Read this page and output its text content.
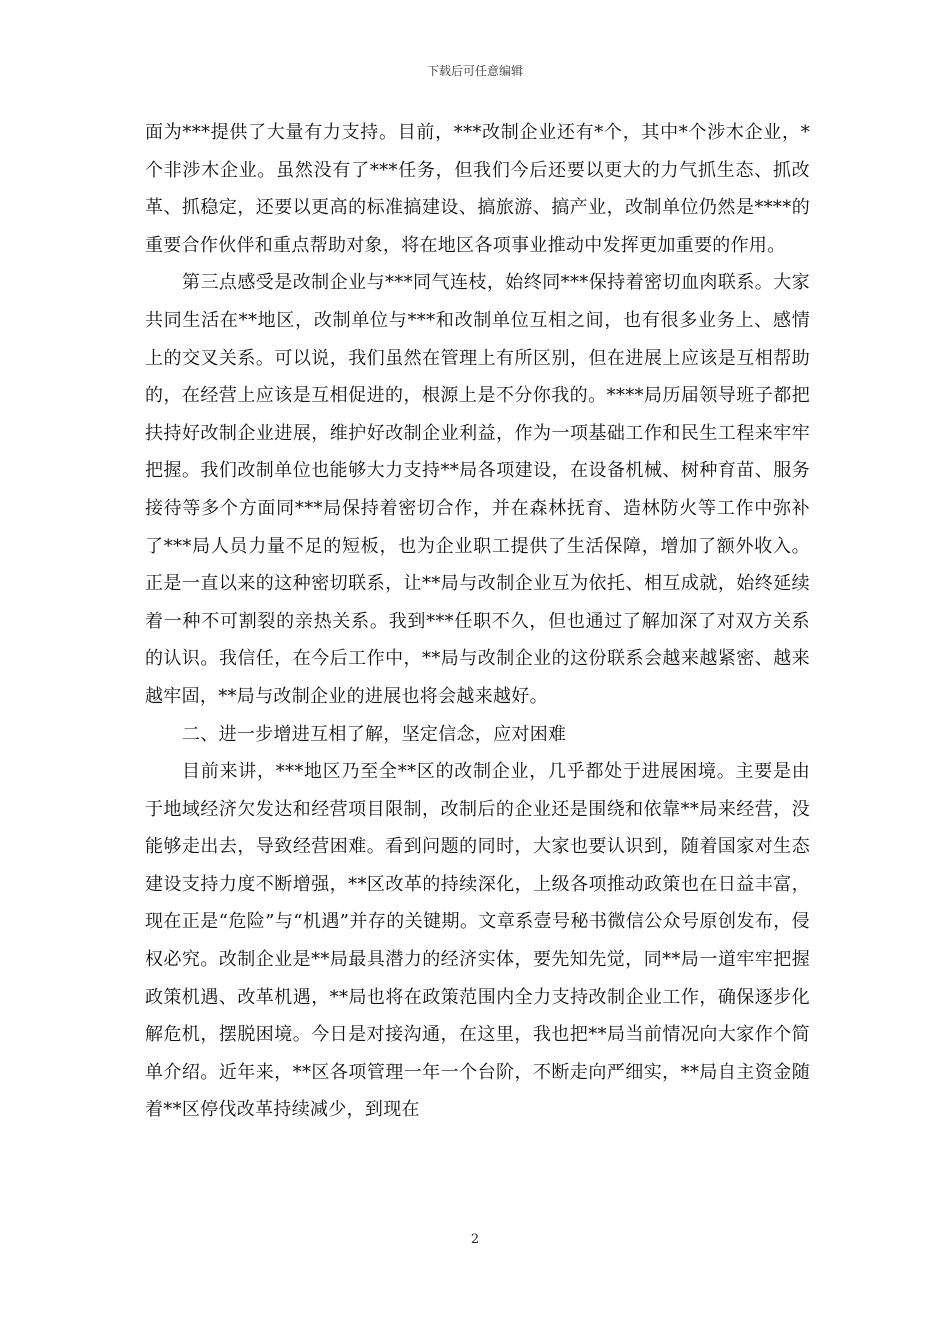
下载后可任意编辑

面为***提供了大量有力支持。目前，***改制企业还有*个，其中*个涉木企业，*个非涉木企业。虽然没有了***任务，但我们今后还要以更大的力气抓生态、抓改革、抓稳定，还要以更高的标准搞建设、搞旅游、搞产业，改制单位仍然是****的重要合作伙伴和重点帮助对象，将在地区各项事业推动中发挥更加重要的作用。

第三点感受是改制企业与***同气连枝，始终同***保持着密切血肉联系。大家共同生活在**地区，改制单位与***和改制单位互相之间，也有很多业务上、感情上的交叉关系。可以说，我们虽然在管理上有所区别，但在进展上应该是互相帮助的，在经营上应该是互相促进的，根源上是不分你我的。****局历届领导班子都把扶持好改制企业进展，维护好改制企业利益，作为一项基础工作和民生工程来牢牢把握。我们改制单位也能够大力支持**局各项建设，在设备机械、树种育苗、服务接待等多个方面同***局保持着密切合作，并在森林抚育、造林防火等工作中弥补了***局人员力量不足的短板，也为企业职工提供了生活保障，增加了额外收入。正是一直以来的这种密切联系，让**局与改制企业互为依托、相互成就，始终延续着一种不可割裂的亲热关系。我到***任职不久，但也通过了解加深了对双方关系的认识。我信任，在今后工作中，**局与改制企业的这份联系会越来越紧密、越来越牢固，**局与改制企业的进展也将会越来越好。

二、进一步增进互相了解，坚定信念，应对困难

目前来讲，***地区乃至全**区的改制企业，几乎都处于进展困境。主要是由于地域经济欠发达和经营项目限制，改制后的企业还是围绕和依靠**局来经营，没能够走出去，导致经营困难。看到问题的同时，大家也要认识到，随着国家对生态建设支持力度不断增强，**区改革的持续深化，上级各项推动政策也在日益丰富，现在正是“危险”与“机遇”并存的关键期。文章系壹号秘书微信公众号原创发布，侵权必究。改制企业是**局最具潜力的经济实体，要先知先觉，同**局一道牢牢把握政策机遇、改革机遇，**局也将在政策范围内全力支持改制企业工作，确保逐步化解危机，摆脱困境。今日是对接沟通，在这里，我也把**局当前情况向大家作个简单介绍。近年来，**区各项管理一年一个台阶，不断走向严细实，**局自主资金随着**区停伐改革持续减少，到现在

2
